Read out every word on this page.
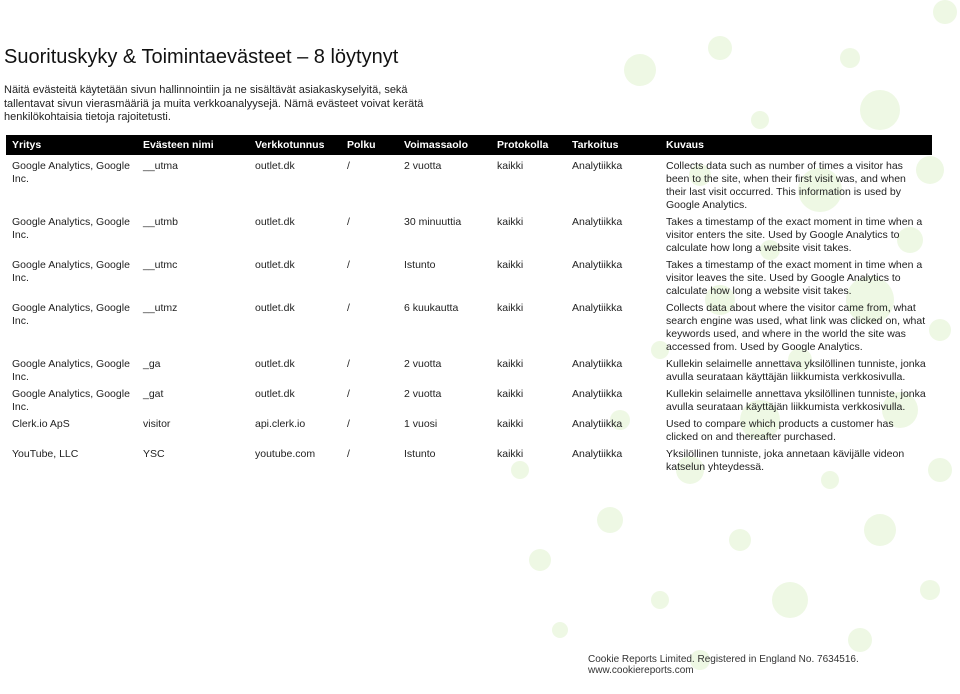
Suorituskyky & Toimintaevästeet – 8 löytynyt
Näitä evästeitä käytetään sivun hallinnointiin ja ne sisältävät asiakaskyselyitä, sekä tallentavat sivun vierasmääriä ja muita verkkoanalyysejä. Nämä evästeet voivat kerätä henkilökohtaisia tietoja rajoitetusti.
Yritys	Evästeen nimi	Verkkotunnus	Polku	Voimassaolo	Protokolla	Tarkoitus	Kuvaus
Google Analytics, Google Inc.	__utma	outlet.dk	/	2 vuotta	kaikki	Analytiikka	Collects data such as number of times a visitor has been to the site, when their first visit was, and when their last visit occurred. This information is used by Google Analytics.
Google Analytics, Google Inc.	__utmb	outlet.dk	/	30 minuuttia	kaikki	Analytiikka	Takes a timestamp of the exact moment in time when a visitor enters the site. Used by Google Analytics to calculate how long a website visit takes.
Google Analytics, Google Inc.	__utmc	outlet.dk	/	Istunto	kaikki	Analytiikka	Takes a timestamp of the exact moment in time when a visitor leaves the site. Used by Google Analytics to calculate how long a website visit takes.
Google Analytics, Google Inc.	__utmz	outlet.dk	/	6 kuukautta	kaikki	Analytiikka	Collects data about where the visitor came from, what search engine was used, what link was clicked on, what keywords used, and where in the world the site was accessed from. Used by Google Analytics.
Google Analytics, Google Inc.	_ga	outlet.dk	/	2 vuotta	kaikki	Analytiikka	Kullekin selaimelle annettava yksilöllinen tunniste, jonka avulla seurataan käyttäjän liikkumista verkkosivulla.
Google Analytics, Google Inc.	_gat	outlet.dk	/	2 vuotta	kaikki	Analytiikka	Kullekin selaimelle annettava yksilöllinen tunniste, jonka avulla seurataan käyttäjän liikkumista verkkosivulla.
Clerk.io ApS	visitor	api.clerk.io	/	1 vuosi	kaikki	Analytiikka	Used to compare which products a customer has clicked on and thereafter purchased.
YouTube, LLC	YSC	youtube.com	/	Istunto	kaikki	Analytiikka	Yksilöllinen tunniste, joka annetaan kävijälle videon katselun yhteydessä.
Cookie Reports Limited. Registered in England No. 7634516. www.cookiereports.com
